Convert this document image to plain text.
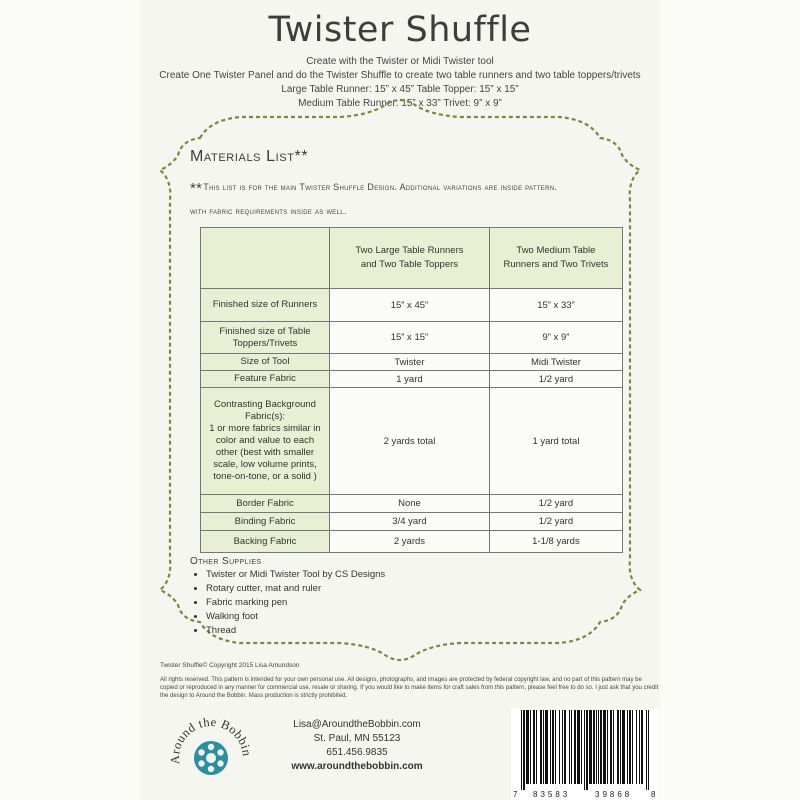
Twister Shuffle
Create with the Twister or Midi Twister tool
Create One Twister Panel and do the Twister Shuffle to create two table runners and two table toppers/trivets
Large Table Runner: 15” x 45” Table Topper: 15” x 15”
Medium Table Runner: 15” x 33” Trivet: 9” x 9”
Materials List**
**This list is for the main Twister Shuffle Design. Additional variations are inside pattern.
with fabric requirements inside as well.
	Two Large Table Runners and Two Table Toppers	Two Medium Table Runners and Two Trivets
Finished size of Runners	15” x 45”	15” x 33”
Finished size of Table Toppers/Trivets	15” x 15”	9” x 9”
Size of Tool	Twister	Midi Twister
Feature Fabric	1 yard	1/2 yard

Contrasting Background Fabric(s):
1 or more fabrics similar in color and value to each other (best with smaller scale, low volume prints, tone-on-tone, or a solid )	2 yards total	1 yard total
Border Fabric	None	1/2 yard
Binding Fabric	3/4 yard	1/2 yard
Backing Fabric	2 yards	1-1/8 yards
Other Supplies
• Twister or Midi Twister Tool by CS Designs
• Rotary cutter, mat and ruler
• Fabric marking pen
• Walking foot
• Thread
Twister Shuffle© Copyright 2015 Lisa Amundson
All rights reserved. This pattern is intended for your own personal use. All designs, photographs, and images are protected by federal copyright law, and no part of this pattern may be copied or reproduced in any manner for commercial use, resale or sharing. If you would like to make items for craft sales from this pattern, please feel free to do so. I just ask that you credit the design to Around the Bobbin. Mass production is strictly prohibited.
Around the Bobbin
Lisa@AroundtheBobbin.com
St. Paul, MN 55123
651.456.9835
www.aroundthebobbin.com
7 83583	39868 8
